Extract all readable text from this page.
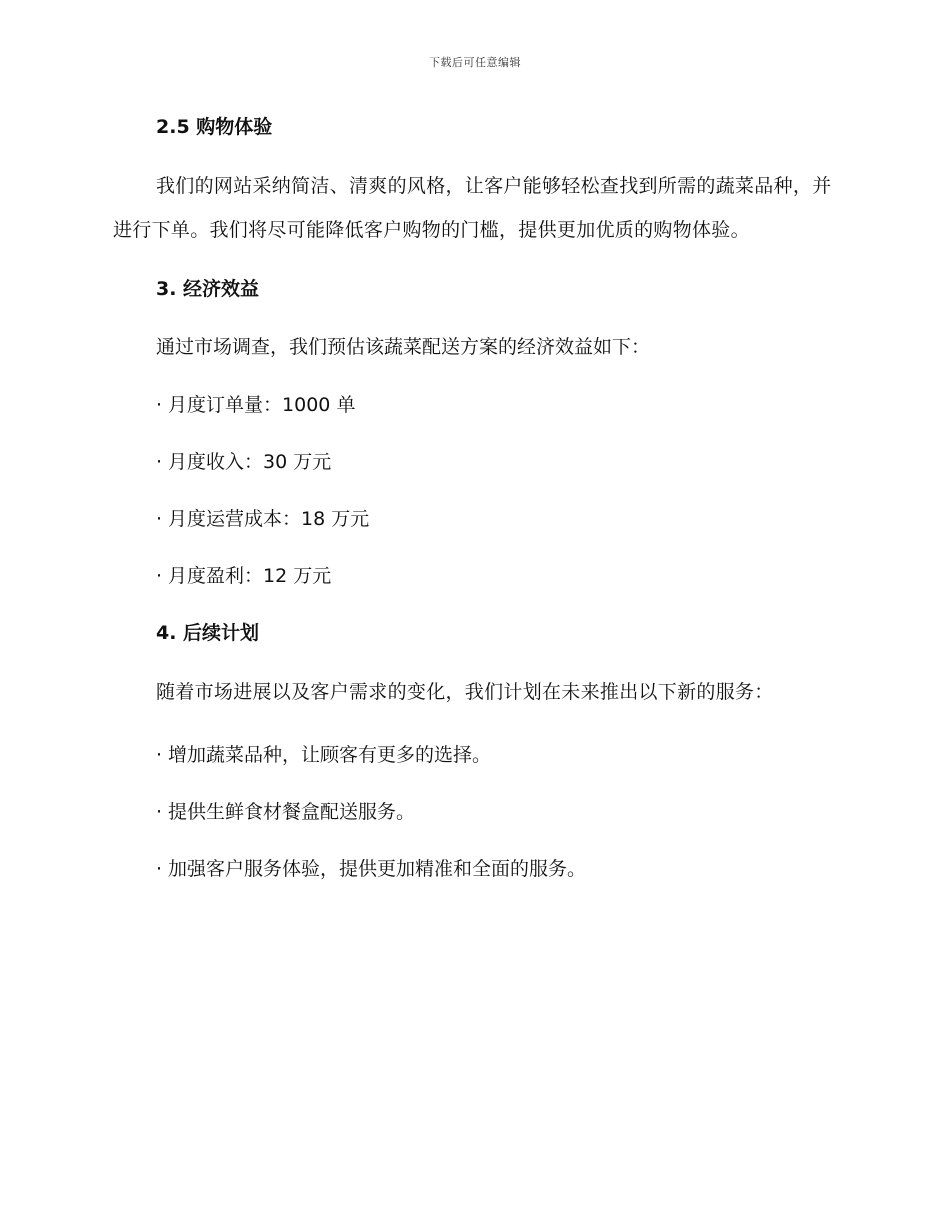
下载后可任意编辑
2.5 购物体验

我们的网站采纳简洁、清爽的风格，让客户能够轻松查找到所需的蔬菜品种，并进行下单。我们将尽可能降低客户购物的门槛，提供更加优质的购物体验。

3. 经济效益
通过市场调查，我们预估该蔬菜配送方案的经济效益如下：
· 月度订单量：1000 单
· 月度收入：30 万元
· 月度运营成本：18 万元
· 月度盈利：12 万元
4. 后续计划

随着市场进展以及客户需求的变化，我们计划在未来推出以下新的服务：

· 增加蔬菜品种，让顾客有更多的选择。
· 提供生鲜食材餐盒配送服务。
· 加强客户服务体验，提供更加精准和全面的服务。
